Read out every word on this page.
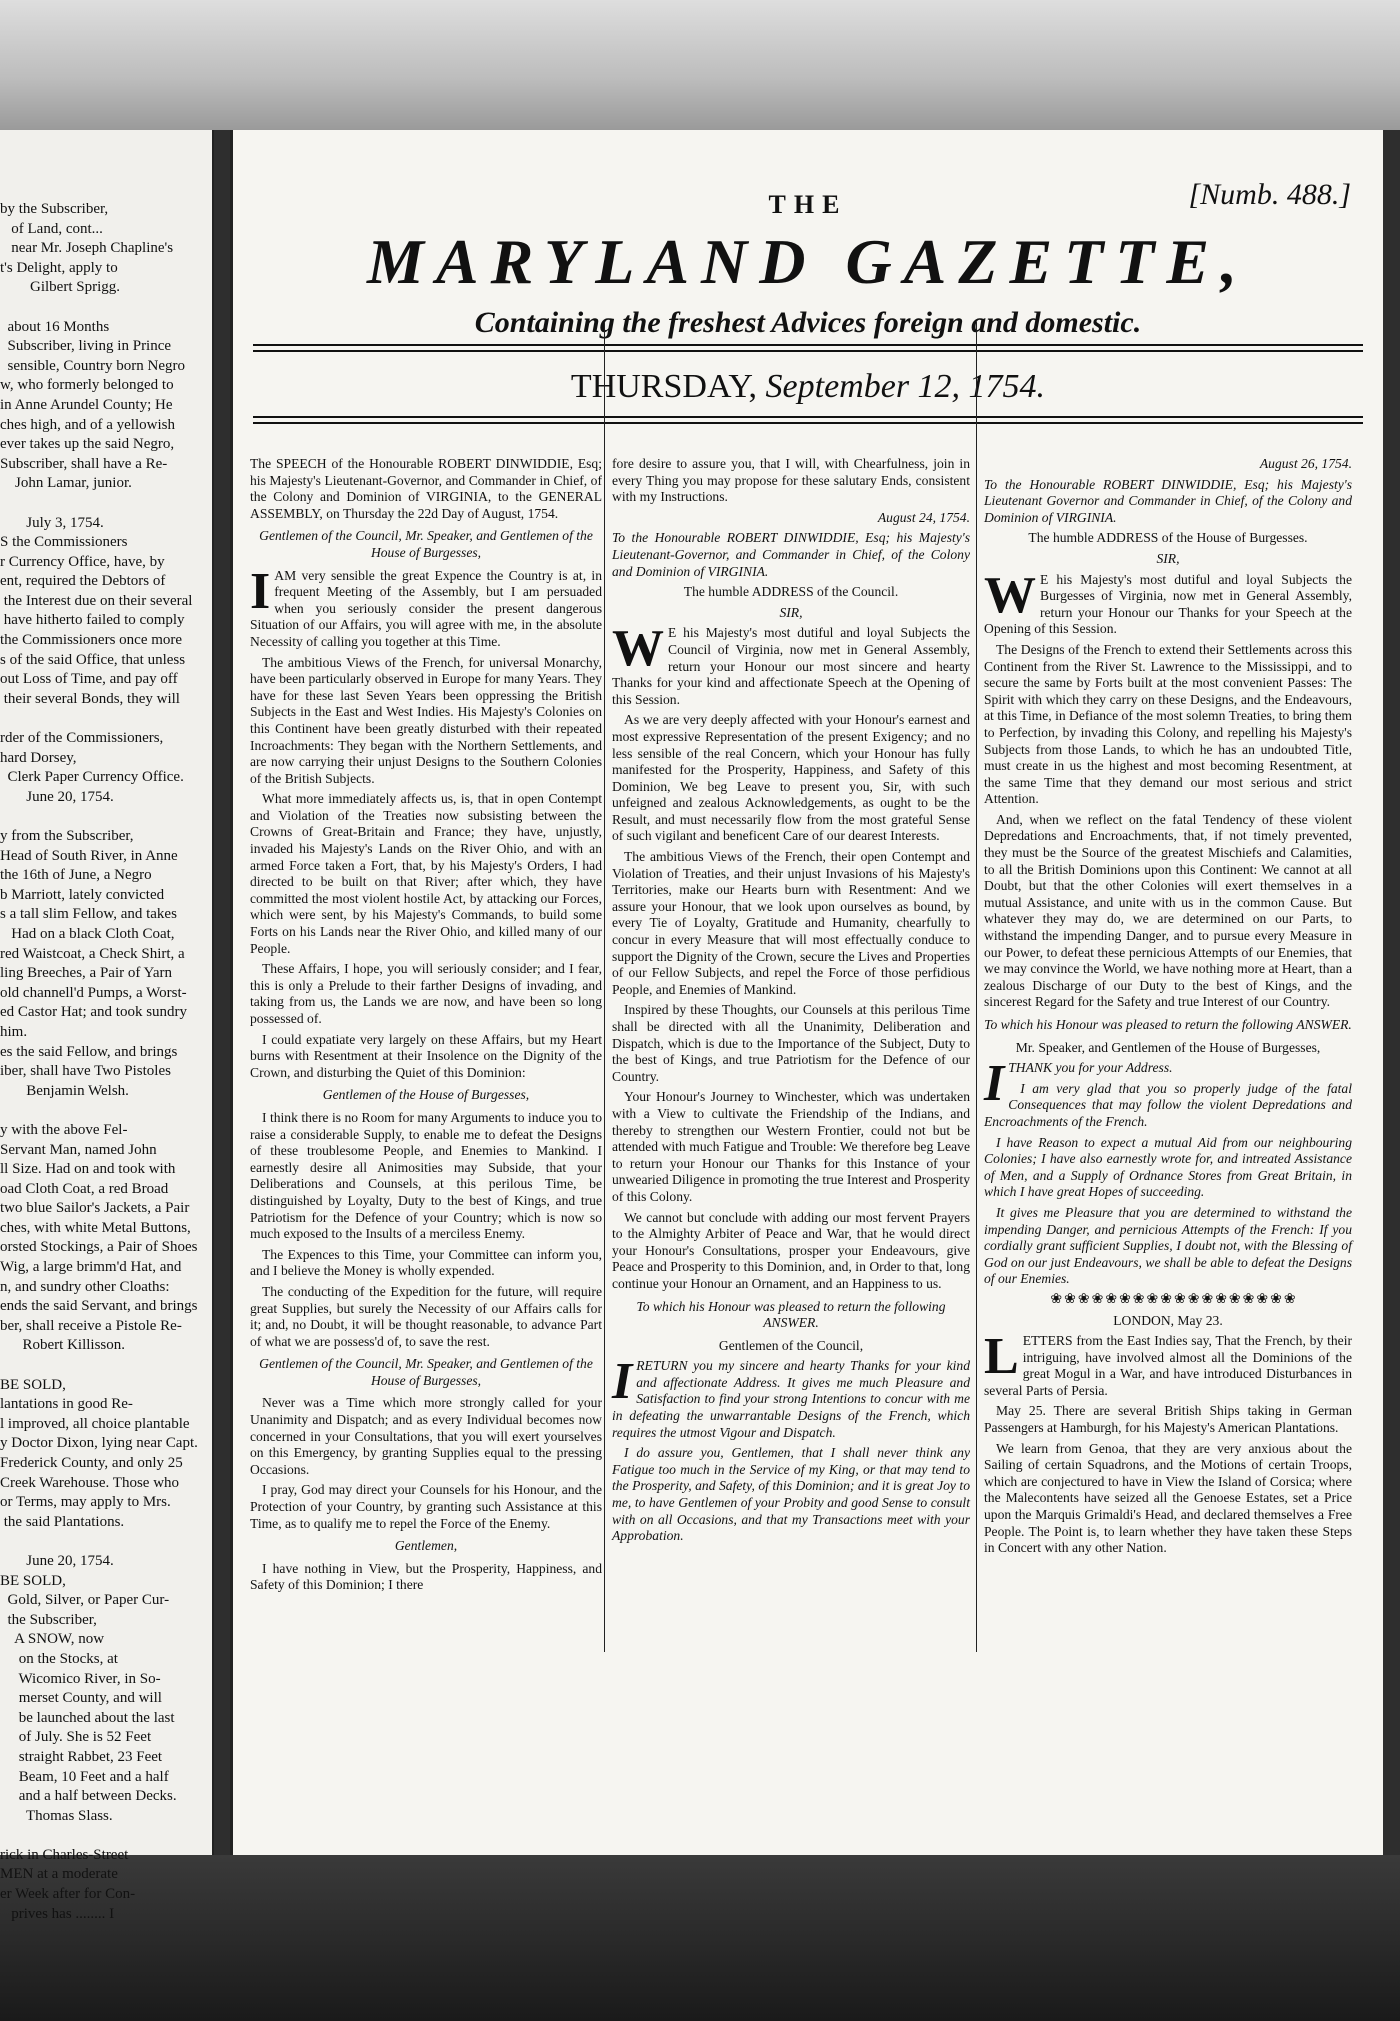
by the Subscriber,
of Land, cont...
near Mr. Joseph Chapline's
t's Delight, apply to
Gilbert Sprigg.

about 16 Months
Subscriber, living in Prince
sensible, Country born Negro
w, who formerly belonged to
in Anne Arundel County; He
ches high, and of a yellowish
ever takes up the said Negro,
Subscriber, shall have a Re-
John Lamar, junior.

July 3, 1754.
S the Commissioners
r Currency Office, have, by
ent, required the Debtors of
the Interest due on their several
have hitherto failed to comply
the Commissioners once more
s of the said Office, that unless
out Loss of Time, and pay off
their several Bonds, they will

rder of the Commissioners,
hard Dorsey,
Clerk Paper Currency Office.
June 20, 1754.

y from the Subscriber,
Head of South River, in Anne
the 16th of June, a Negro
b Marriott, lately convicted
s a tall slim Fellow, and takes
Had on a black Cloth Coat,
red Waistcoat, a Check Shirt, a
ling Breeches, a Pair of Yarn
old channell'd Pumps, a Worst-
ed Castor Hat; and took sundry
him.
es the said Fellow, and brings
iber, shall have Two Pistoles
Benjamin Welsh.

y with the above Fel-
Servant Man, named John
ll Size. Had on and took with
oad Cloth Coat, a red Broad
two blue Sailor's Jackets, a Pair
ches, with white Metal Buttons,
orsted Stockings, a Pair of Shoes
Wig, a large brimm'd Hat, and
n, and sundry other Cloaths:
ends the said Servant, and brings
ber, shall receive a Pistole Re-
Robert Killisson.

BE SOLD,
lantations in good Re-
l improved, all choice plantable
y Doctor Dixon, lying near Capt.
Frederick County, and only 25
Creek Warehouse. Those who
or Terms, may apply to Mrs.
the said Plantations.

June 20, 1754.
BE SOLD,
Gold, Silver, or Paper Cur-
the Subscriber,
A SNOW, now
on the Stocks, at
Wicomico River, in So-
merset County, and will
be launched about the last
of July. She is 52 Feet
straight Rabbet, 23 Feet
Beam, 10 Feet and a half
and a half between Decks.
Thomas Slass.

rick in Charles-Street
MEN at a moderate
er Week after for Con-
prives has ........ I
[Numb. 488.]
THE
MARYLAND GAZETTE,
Containing the freshest Advices foreign and domestic.
THURSDAY, September 12, 1754.

The SPEECH of the Honourable ROBERT DINWIDDIE, Esq; his Majesty's Lieutenant-Governor, and Commander in Chief, of the Colony and Dominion of VIRGINIA, to the GENERAL ASSEMBLY, on Thursday the 22d Day of August, 1754.

Gentlemen of the Council, Mr. Speaker, and Gentlemen of the House of Burgesses,

IAM very sensible the great Expence the Country is at, in frequent Meeting of the Assembly, but I am persuaded when you seriously consider the present dangerous Situation of our Affairs, you will agree with me, in the absolute Necessity of calling you together at this Time.

The ambitious Views of the French, for universal Monarchy, have been particularly observed in Europe for many Years. They have for these last Seven Years been oppressing the British Subjects in the East and West Indies. His Majesty's Colonies on this Continent have been greatly disturbed with their repeated Incroachments: They began with the Northern Settlements, and are now carrying their unjust Designs to the Southern Colonies of the British Subjects.

What more immediately affects us, is, that in open Contempt and Violation of the Treaties now subsisting between the Crowns of Great-Britain and France; they have, unjustly, invaded his Majesty's Lands on the River Ohio, and with an armed Force taken a Fort, that, by his Majesty's Orders, I had directed to be built on that River; after which, they have committed the most violent hostile Act, by attacking our Forces, which were sent, by his Majesty's Commands, to build some Forts on his Lands near the River Ohio, and killed many of our People.

These Affairs, I hope, you will seriously consider; and I fear, this is only a Prelude to their farther Designs of invading, and taking from us, the Lands we are now, and have been so long possessed of.

I could expatiate very largely on these Affairs, but my Heart burns with Resentment at their Insolence on the Dignity of the Crown, and disturbing the Quiet of this Dominion:

Gentlemen of the House of Burgesses,

I think there is no Room for many Arguments to induce you to raise a considerable Supply, to enable me to defeat the Designs of these troublesome People, and Enemies to Mankind. I earnestly desire all Animosities may Subside, that your Deliberations and Counsels, at this perilous Time, be distinguished by Loyalty, Duty to the best of Kings, and true Patriotism for the Defence of your Country; which is now so much exposed to the Insults of a merciless Enemy.

The Expences to this Time, your Committee can inform you, and I believe the Money is wholly expended.

The conducting of the Expedition for the future, will require great Supplies, but surely the Necessity of our Affairs calls for it; and, no Doubt, it will be thought reasonable, to advance Part of what we are possess'd of, to save the rest.

Gentlemen of the Council, Mr. Speaker, and Gentlemen of the House of Burgesses,

Never was a Time which more strongly called for your Unanimity and Dispatch; and as every Individual becomes now concerned in your Consultations, that you will exert yourselves on this Emergency, by granting Supplies equal to the pressing Occasions.

I pray, God may direct your Counsels for his Honour, and the Protection of your Country, by granting such Assistance at this Time, as to qualify me to repel the Force of the Enemy.

Gentlemen,

I have nothing in View, but the Prosperity, Happiness, and Safety of this Dominion; I there

fore desire to assure you, that I will, with Chearfulness, join in every Thing you may propose for these salutary Ends, consistent with my Instructions.

August 24, 1754.

To the Honourable ROBERT DINWIDDIE, Esq; his Majesty's Lieutenant-Governor, and Commander in Chief, of the Colony and Dominion of VIRGINIA.

The humble ADDRESS of the Council.

SIR,

W E his Majesty's most dutiful and loyal Subjects the Council of Virginia, now met in General Assembly, return your Honour our most sincere and hearty Thanks for your kind and affectionate Speech at the Opening of this Session.

As we are very deeply affected with your Honour's earnest and most expressive Representation of the present Exigency; and no less sensible of the real Concern, which your Honour has fully manifested for the Prosperity, Happiness, and Safety of this Dominion, We beg Leave to present you, Sir, with such unfeigned and zealous Acknowledgements, as ought to be the Result, and must necessarily flow from the most grateful Sense of such vigilant and beneficent Care of our dearest Interests.

The ambitious Views of the French, their open Contempt and Violation of Treaties, and their unjust Invasions of his Majesty's Territories, make our Hearts burn with Resentment: And we assure your Honour, that we look upon ourselves as bound, by every Tie of Loyalty, Gratitude and Humanity, chearfully to concur in every Measure that will most effectually conduce to support the Dignity of the Crown, secure the Lives and Properties of our Fellow Subjects, and repel the Force of those perfidious People, and Enemies of Mankind.

Inspired by these Thoughts, our Counsels at this perilous Time shall be directed with all the Unanimity, Deliberation and Dispatch, which is due to the Importance of the Subject, Duty to the best of Kings, and true Patriotism for the Defence of our Country.

Your Honour's Journey to Winchester, which was undertaken with a View to cultivate the Friendship of the Indians, and thereby to strengthen our Western Frontier, could not but be attended with much Fatigue and Trouble: We therefore beg Leave to return your Honour our Thanks for this Instance of your unwearied Diligence in promoting the true Interest and Prosperity of this Colony.

We cannot but conclude with adding our most fervent Prayers to the Almighty Arbiter of Peace and War, that he would direct your Honour's Consultations, prosper your Endeavours, give Peace and Prosperity to this Dominion, and, in Order to that, long continue your Honour an Ornament, and an Happiness to us.

To which his Honour was pleased to return the following ANSWER.

Gentlemen of the Council,

IRETURN you my sincere and hearty Thanks for your kind and affectionate Address. It gives me much Pleasure and Satisfaction to find your strong Intentions to concur with me in defeating the unwarrantable Designs of the French, which requires the utmost Vigour and Dispatch.

I do assure you, Gentlemen, that I shall never think any Fatigue too much in the Service of my King, or that may tend to the Prosperity, and Safety, of this Dominion; and it is great Joy to me, to have Gentlemen of your Probity and good Sense to consult with on all Occasions, and that my Transactions meet with your Approbation.

August 26, 1754.

To the Honourable ROBERT DINWIDDIE, Esq; his Majesty's Lieutenant Governor and Commander in Chief, of the Colony and Dominion of VIRGINIA.

The humble ADDRESS of the House of Burgesses.

SIR,

W E his Majesty's most dutiful and loyal Subjects the Burgesses of Virginia, now met in General Assembly, return your Honour our Thanks for your Speech at the Opening of this Session.

The Designs of the French to extend their Settlements across this Continent from the River St. Lawrence to the Mississippi, and to secure the same by Forts built at the most convenient Passes: The Spirit with which they carry on these Designs, and the Endeavours, at this Time, in Defiance of the most solemn Treaties, to bring them to Perfection, by invading this Colony, and repelling his Majesty's Subjects from those Lands, to which he has an undoubted Title, must create in us the highest and most becoming Resentment, at the same Time that they demand our most serious and strict Attention.

And, when we reflect on the fatal Tendency of these violent Depredations and Encroachments, that, if not timely prevented, they must be the Source of the greatest Mischiefs and Calamities, to all the British Dominions upon this Continent: We cannot at all Doubt, but that the other Colonies will exert themselves in a mutual Assistance, and unite with us in the common Cause. But whatever they may do, we are determined on our Parts, to withstand the impending Danger, and to pursue every Measure in our Power, to defeat these pernicious Attempts of our Enemies, that we may convince the World, we have nothing more at Heart, than a zealous Discharge of our Duty to the best of Kings, and the sincerest Regard for the Safety and true Interest of our Country.

To which his Honour was pleased to return the following ANSWER.

Mr. Speaker, and Gentlemen of the House of Burgesses,

ITHANK you for your Address.

I am very glad that you so properly judge of the fatal Consequences that may follow the violent Depredations and Encroachments of the French.

I have Reason to expect a mutual Aid from our neighbouring Colonies; I have also earnestly wrote for, and intreated Assistance of Men, and a Supply of Ordnance Stores from Great Britain, in which I have great Hopes of succeeding.

It gives me Pleasure that you are determined to withstand the impending Danger, and pernicious Attempts of the French: If you cordially grant sufficient Supplies, I doubt not, with the Blessing of God on our just Endeavours, we shall be able to defeat the Designs of our Enemies.

❀❀❀❀❀❀❀❀❀❀❀❀❀❀❀❀❀❀

LONDON, May 23.

LETTERS from the East Indies say, That the French, by their intriguing, have involved almost all the Dominions of the great Mogul in a War, and have introduced Disturbances in several Parts of Persia.

May 25. There are several British Ships taking in German Passengers at Hamburgh, for his Majesty's American Plantations.

We learn from Genoa, that they are very anxious about the Sailing of certain Squadrons, and the Motions of certain Troops, which are conjectured to have in View the Island of Corsica; where the Malecontents have seized all the Genoese Estates, set a Price upon the Marquis Grimaldi's Head, and declared themselves a Free People. The Point is, to learn whether they have taken these Steps in Concert with any other Nation.
